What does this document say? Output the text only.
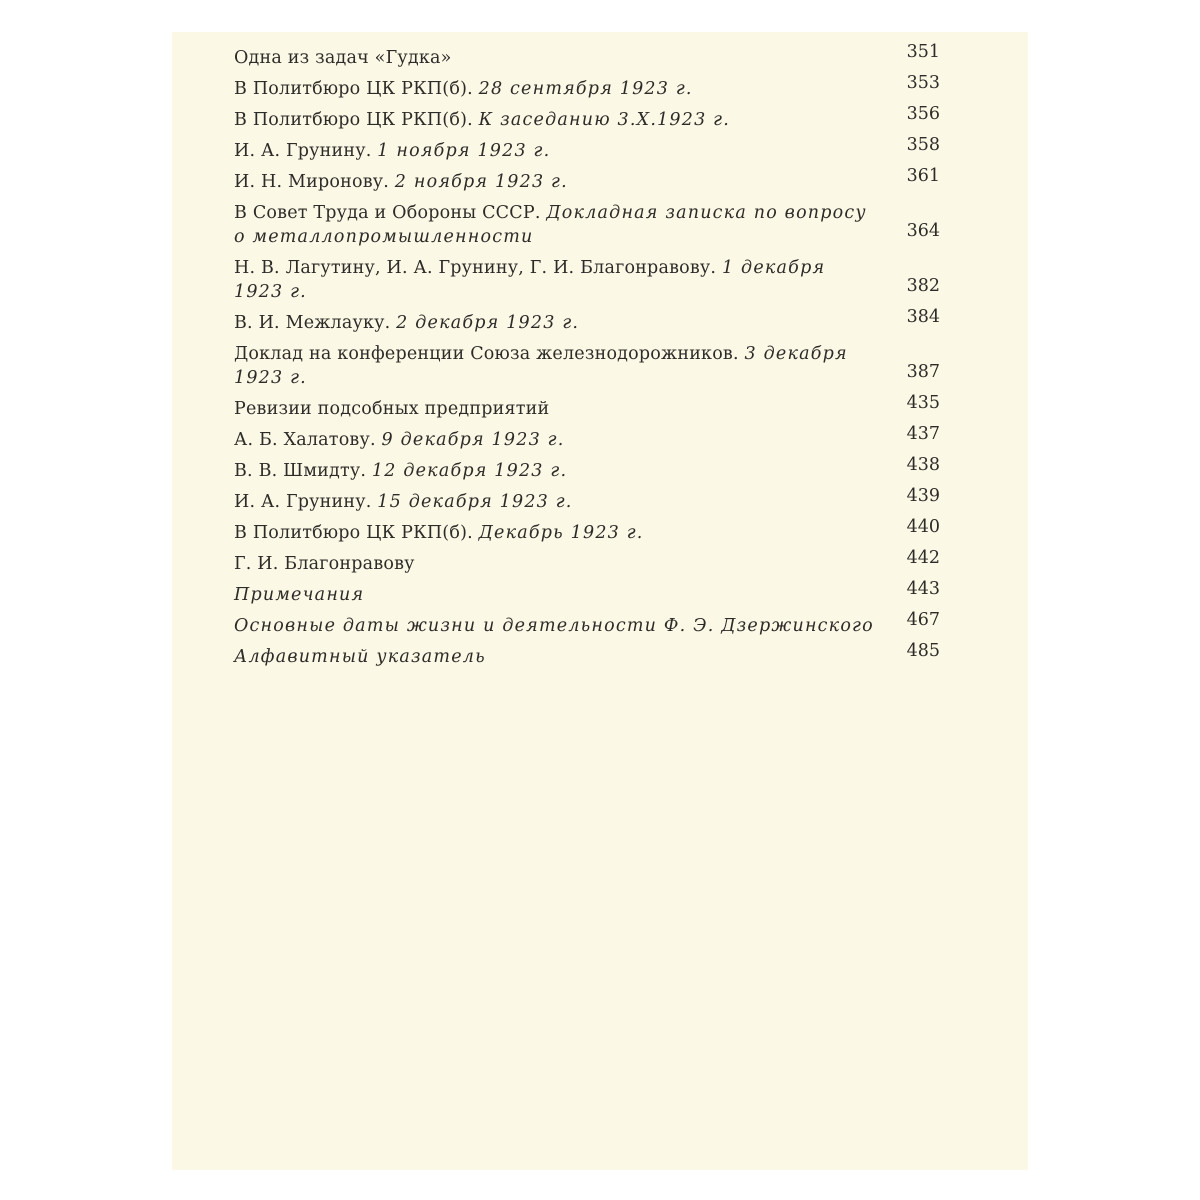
Одна из задач «Гудка»	351
В Политбюро ЦК РКП(б). 28 сентября 1923 г.	353
В Политбюро ЦК РКП(б). К заседанию 3.X.1923 г.	356
И. А. Грунину. 1 ноября 1923 г.	358
И. Н. Миронову. 2 ноября 1923 г.	361
В Совет Труда и Обороны СССР. Докладная записка по вопросу о металлопромышленности	364
Н. В. Лагутину, И. А. Грунину, Г. И. Благонравову. 1 декабря 1923 г.	382
В. И. Межлауку. 2 декабря 1923 г.	384
Доклад на конференции Союза железнодорожников. 3 декабря 1923 г.	387
Ревизии подсобных предприятий	435
А. Б. Халатову. 9 декабря 1923 г.	437
В. В. Шмидту. 12 декабря 1923 г.	438
И. А. Грунину. 15 декабря 1923 г.	439
В Политбюро ЦК РКП(б). Декабрь 1923 г.	440
Г. И. Благонравову	442
Примечания	443
Основные даты жизни и деятельности Ф. Э. Дзержинского 467
Алфавитный указатель	485
